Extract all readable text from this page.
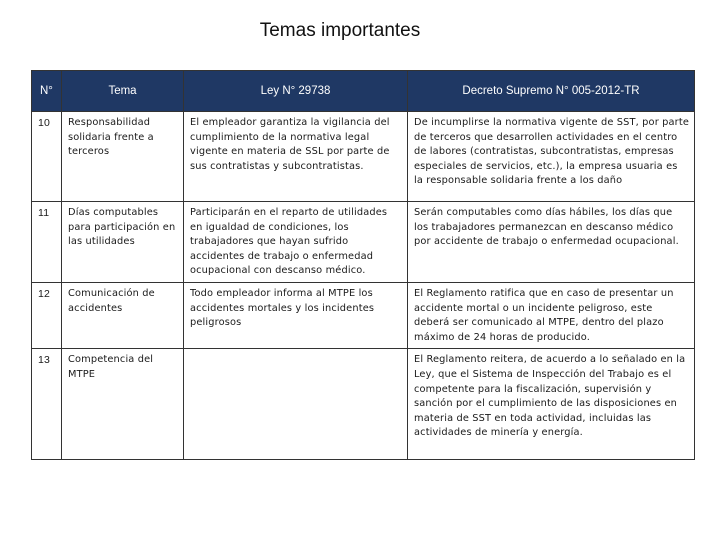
Temas importantes
N°	Tema	Ley N° 29738	Decreto Supremo N° 005-2012-TR
10	Responsabilidad solidaria frente a terceros	El empleador garantiza la vigilancia del cumplimiento de la normativa legal vigente en materia de SSL por parte de sus contratistas y subcontratistas.	De incumplirse la normativa vigente de SST, por parte de terceros que desarrollen actividades en el centro de labores (contratistas, subcontratistas, empresas especiales de servicios, etc.), la empresa usuaria es la responsable solidaria frente a los daño
11	Días computables para participación en las utilidades	Participarán en el reparto de utilidades en igualdad de condiciones, los trabajadores que hayan sufrido accidentes de trabajo o enfermedad ocupacional con descanso médico.	Serán computables como días hábiles, los días que los trabajadores permanezcan en descanso médico por accidente de trabajo o enfermedad ocupacional.
12	Comunicación de accidentes	Todo empleador informa al MTPE los accidentes mortales y los incidentes peligrosos	El Reglamento ratifica que en caso de presentar un accidente mortal o un incidente peligroso, este deberá ser comunicado al MTPE, dentro del plazo máximo de 24 horas de producido.
13	Competencia del MTPE		El Reglamento reitera, de acuerdo a lo señalado en la Ley, que el Sistema de Inspección del Trabajo es el competente para la fiscalización, supervisión y sanción por el cumplimiento de las disposiciones en materia de SST en toda actividad, incluidas las actividades de minería y energía.
